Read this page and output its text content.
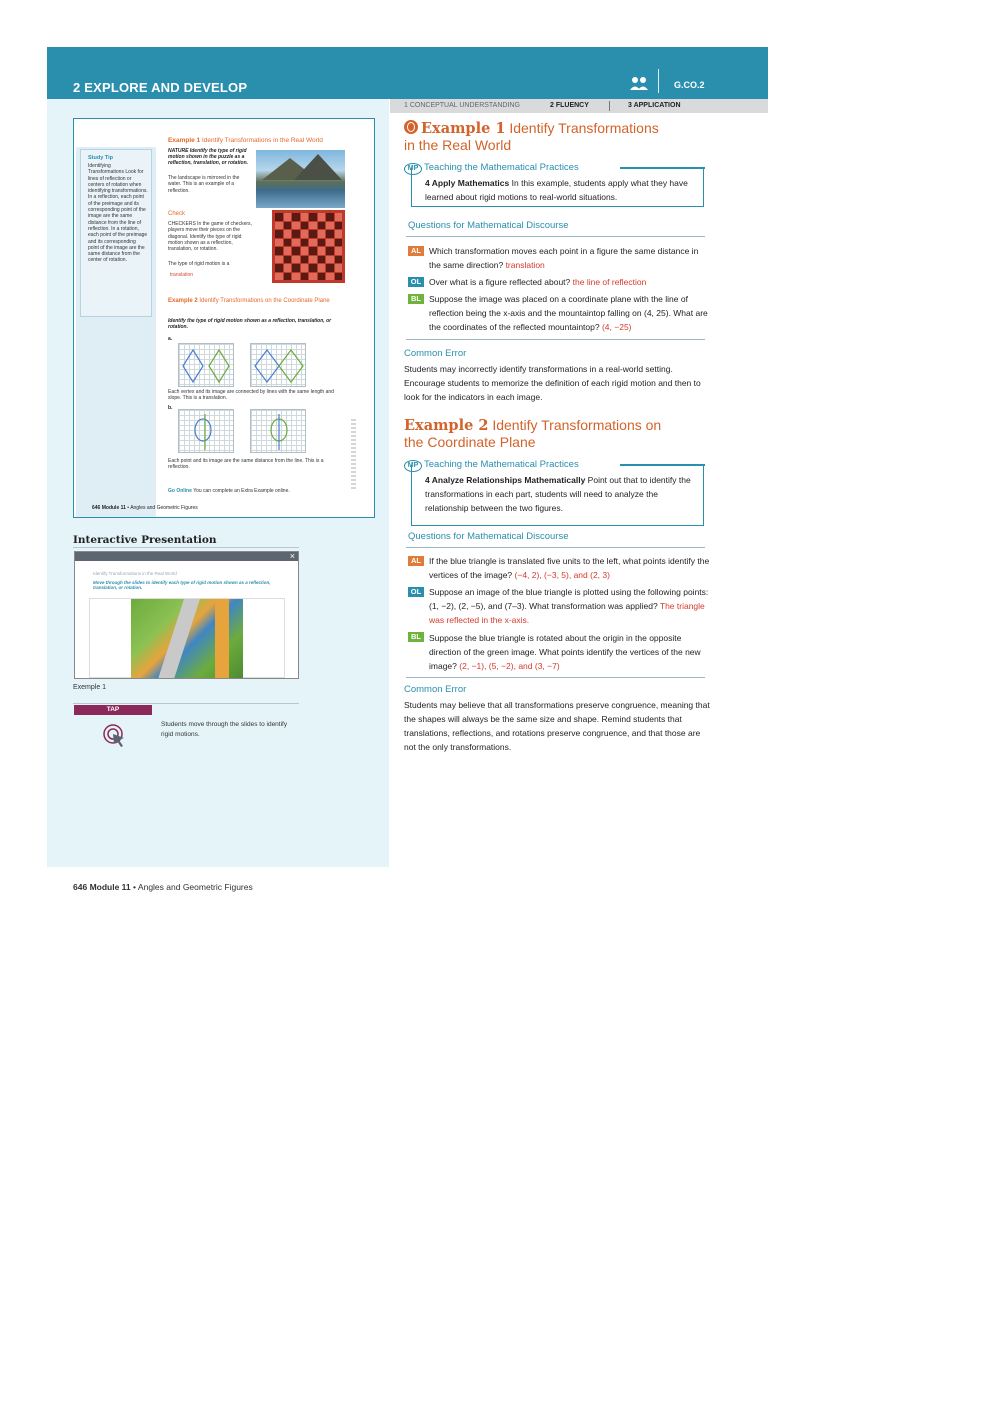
2 EXPLORE AND DEVELOP	G.CO.2
1 CONCEPTUAL UNDERSTANDING	2 FLUENCY	3 APPLICATION
Study Tip
Identifying Transformations Look for lines of reflection or centers of rotation when identifying transformations. In a reflection, each point of the preimage and its corresponding point of the image are the same distance from the line of reflection. In a rotation, each point of the preimage and its corresponding point of the image are the same distance from the center of rotation.
Example 1 Identify Transformations in the Real World
NATURE Identify the type of rigid motion shown in the puzzle as a reflection, translation, or rotation.
The landscape is mirrored in the water. This is an example of a reflection.
Check
CHECKERS In the game of checkers, players move their pieces on the diagonal. Identify the type of rigid motion shown as a reflection, translation, or rotation.
The type of rigid motion is a
translation
Example 2 Identify Transformations on the Coordinate Plane
Identify the type of rigid motion shown as a reflection, translation, or rotation.
a.
Each vertex and its image are connected by lines with the same length and slope. This is a translation.
b.
Each point and its image are the same distance from the line. This is a reflection.
Go Online You can complete an Extra Example online.
646 Module 11 • Angles and Geometric Figures
Interactive Presentation
×
Identify Transformations in the Real World
Move through the slides to identify each type of rigid motion shown as a reflection, translation, or rotation.
Exemple 1
TAP
Students move through the slides to identify rigid motions.
646 Module 11 • Angles and Geometric Figures
Example 1 Identify Transformations
in the Real World
MP Teaching the Mathematical Practices
4 Apply Mathematics In this example, students apply what they have learned about rigid motions to real-world situations.
Questions for Mathematical Discourse
AL Which transformation moves each point in a figure the same distance in the same direction? translation
OL Over what is a figure reflected about? the line of reflection
BL Suppose the image was placed on a coordinate plane with the line of reflection being the x-axis and the mountaintop falling on (4, 25). What are the coordinates of the reflected mountaintop? (4, −25)
Common Error
Students may incorrectly identify transformations in a real-world setting. Encourage students to memorize the definition of each rigid motion and then to look for the indicators in each image.
Example 2 Identify Transformations on
the Coordinate Plane
MP Teaching the Mathematical Practices
4 Analyze Relationships Mathematically Point out that to identify the transformations in each part, students will need to analyze the relationship between the two figures.
Questions for Mathematical Discourse
AL If the blue triangle is translated five units to the left, what points identify the vertices of the image? (−4, 2), (−3, 5), and (2, 3)
OL Suppose an image of the blue triangle is plotted using the following points: (1, −2), (2, −5), and (7–3). What transformation was applied? The triangle was reflected in the x-axis.
BL Suppose the blue triangle is rotated about the origin in the opposite direction of the green image. What points identify the vertices of the new image? (2, −1), (5, −2), and (3, −7)
Common Error
Students may believe that all transformations preserve congruence, meaning that the shapes will always be the same size and shape. Remind students that translations, reflections, and rotations preserve congruence, and that those are not the only transformations.
